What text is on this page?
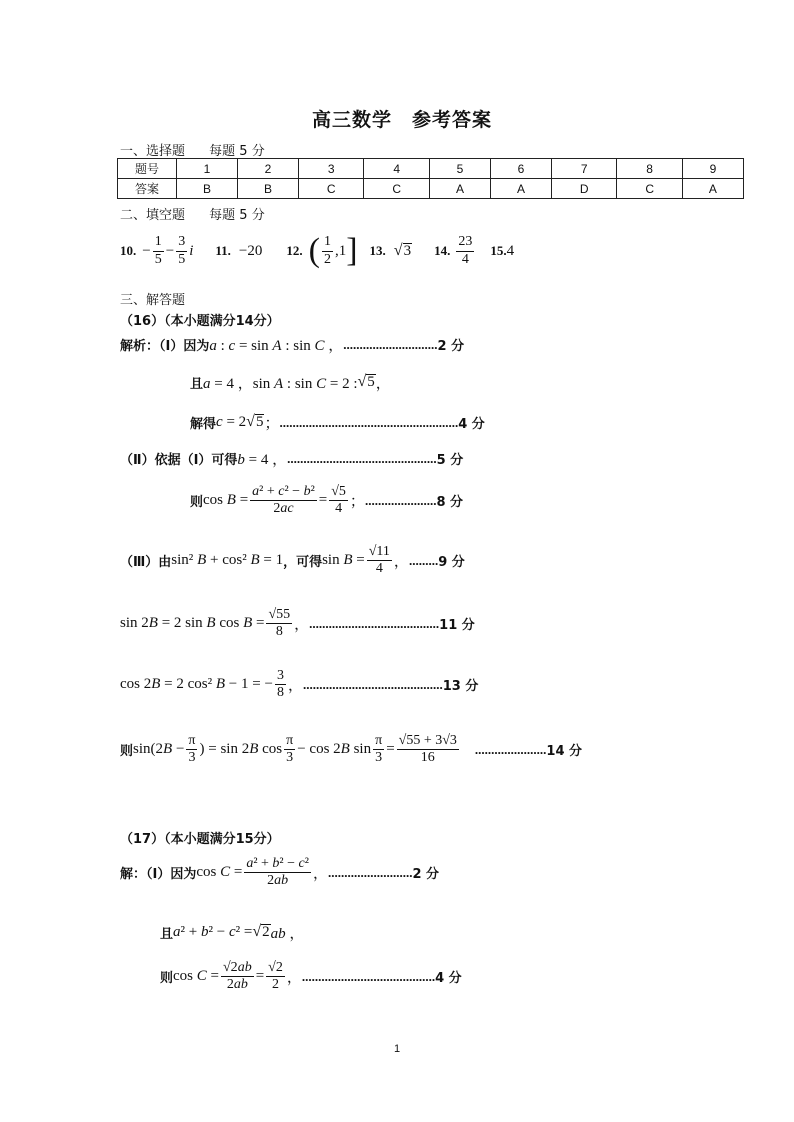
高三数学　参考答案
一、选择题 每题 5 分
题号	1	2	3	4	5	6	7	8	9
答案	B	B	C	C	A	A	D	C	A
二、填空题 每题 5 分
10. − $\frac{1}{5} - \frac{3}{5}$ i 11. −20 12. ( $\frac{1}{2} ,1$ ] 13. √ 3 14. $\frac{23}{4} 15$. 4
三、解答题
（16）（本小题满分14分）
解析：（Ⅰ）因为 a : c = sin A : sin C ， ............................. 2 分
且 a = 4 ，sin A : sin C = 2 : √ 5 ，
解得 c = 2 √ 5 ； ....................................................... 4 分
（Ⅱ）依据（Ⅰ）可得 b = 4 ， .............................................. 5 分
则 $\cos B = \frac{\text{a² + c² − b²}}{2ac} = \frac{√5}{4}$ ； ...................... 8 分
（Ⅲ）由 sin² B + cos² B = 1 ，可得 $\sin B = \frac{√11}{4}$ ， ......... 9 分
sin 2B = 2 sin B $\cos B = \frac{√55}{8}$ ， ........................................ 11 分
cos 2B = 2 cos² B − 1 = − $\frac{3}{8}$ ， ........................................... 13 分
则 $\sin(2B - \frac{\pi}{3}$ ) = sin 2B $\cos \frac{\pi}{3} - \cos 2B$ $\sin \frac{\pi}{3} = \frac{√55 + 3√3}{16}$ ...................... 14 分
（17）（本小题满分15分）
解：（Ⅰ）因为 $\cos C = \frac{\text{a² + b² − c²}}{2ab}$ ， .......................... 2 分
且 a² + b² − c² = √ 2 ab ，
则 $\cos C = \frac{√2ab}{2ab} = \frac{√2}{2}$ ， ......................................... 4 分
1
